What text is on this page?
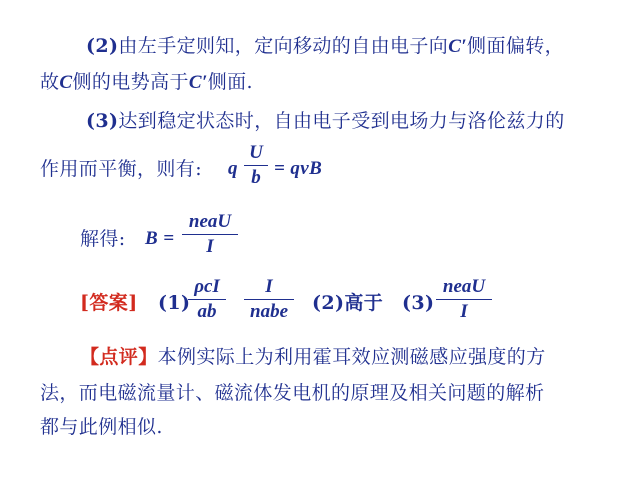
(2)由左手定则知，定向移动的自由电子向C′侧面偏转，
故C侧的电势高于C′侧面.
(3)达到稳定状态时，自由电子受到电场力与洛伦兹力的
作用而平衡，则有: q
U
b = qvB
解得: B =
neaU
I
[答案] (1)
ρcI
ab
I
nabe	(2)高于 (3)
neaU
I
【点评】本例实际上为利用霍耳效应测磁感应强度的方
法，而电磁流量计、磁流体发电机的原理及相关问题的解析
都与此例相似.
